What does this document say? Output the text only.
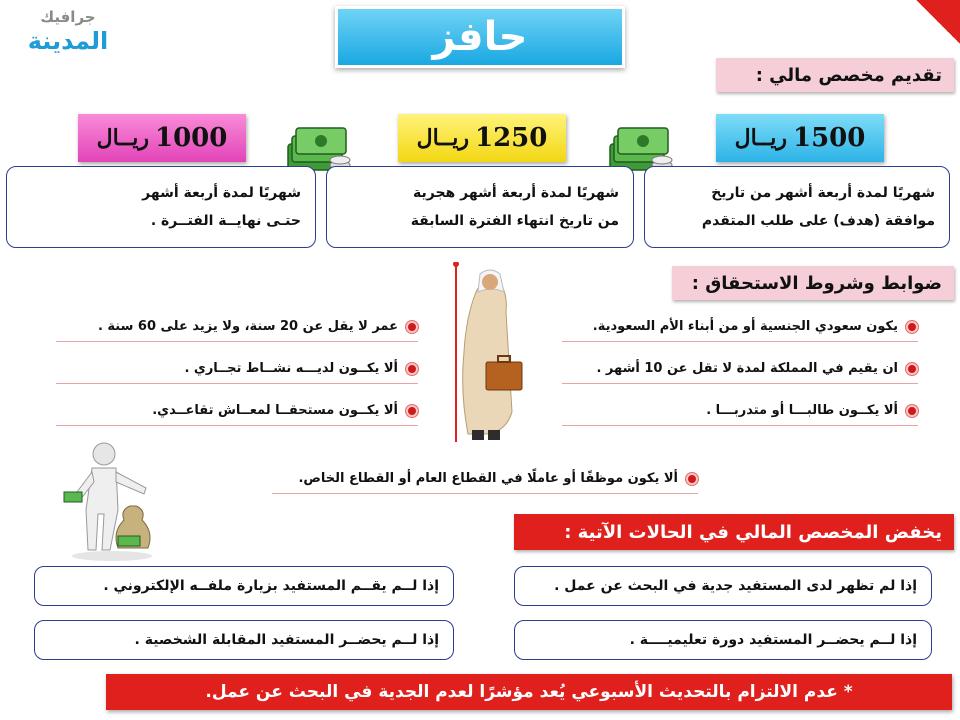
جرافيك
المدينة	حافز
تقديم مخصص مالي :
1500
ريــال
1250
ريــال
1000
ريــال
شهريًا لمدة أربعة أشهر من تاريخ
موافقة (هدف) على طلب المتقدم
شهريًا لمدة أربعة أشهر هجرية
من تاريخ انتهاء الفترة السابقة
شهريًا لمدة أربعة أشهر
حتـى نهايــة الفتــرة .
ضوابط وشروط الاستحقاق :
يكون سعودي الجنسية أو من أبناء الأم السعودية.
ان يقيم في المملكة لمدة لا تقل عن 10 أشهر .
ألا يكــون طالبـــا أو متدربـــا .
عمر لا يقل عن 20 سنة، ولا يزيد على 60 سنة .
ألا يكــون لديـــه نشــاط تجــاري .
ألا يكــون مستحقــا لمعــاش تقاعــدي.
ألا يكون موظفًا أو عاملًا في القطاع العام أو القطاع الخاص.
يخفض المخصص المالي في الحالات الآتية :
إذا لم تظهر لدى المستفيد جدية في البحث عن عمل .
إذا لــم يقــم المستفيد بزيارة ملفــه الإلكتروني .
إذا لــم يحضــر المستفيد دورة تعليميــــة .
إذا لــم يحضــر المستفيد المقابلة الشخصية .
* عدم الالتزام بالتحديث الأسبوعي يُعد مؤشرًا لعدم الجدية في البحث عن عمل.
